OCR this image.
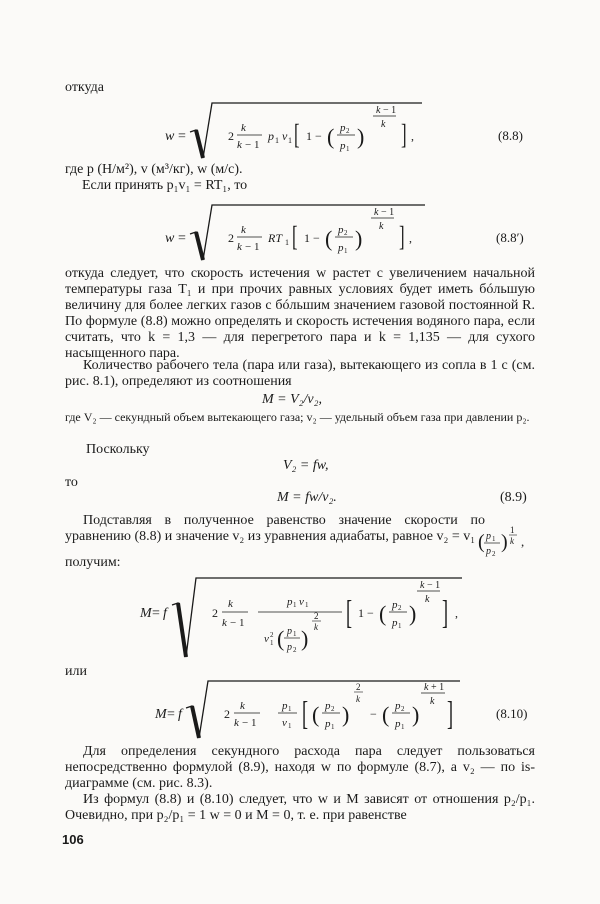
откуда
w =	2
k
k − 1
p 1 v 1 [ 1 − ( p 2
p 1 )
k − 1
k ] ,	(8.8)
где p (Н/м²), v (м³/кг), w (м/с).
Если принять p₁v₁ = RT₁, то
w =	2
k
k − 1
RT 1 [ 1 − ( p 2
p 1 )
k − 1
k ] ,	(8.8′)
откуда следует, что скорость истечения w растет с увеличением начальной температуры газа T₁ и при прочих равных условиях будет иметь бóльшую величину для более легких газов с бóльшим значением газовой постоянной R. По формуле (8.8) можно определять и скорость истечения водяного пара, если считать, что k = 1,3 — для перегретого пара и k = 1,135 — для сухого насыщенного пара.
Количество рабочего тела (пара или газа), вытекающего из сопла в 1 с (см. рис. 8.1), определяют из соотношения
M = V₂/v₂,
где V₂ — секундный объем вытекающего газа; v₂ — удельный объем газа при давлении p₂.
Поскольку
V₂ = fw,
то
M = fw/v₂.	(8.9)
Подставляя в полученное равенство значение скорости по уравнению (8.8) и значение v₂ из уравнения адиабаты, равное v₂ = v₁ ( p 1
p 2
)
1
k ,
получим:
M = f	2
k
k − 1
p 1 v 1
v 2
1 ( p 1
p 2 )
2
k [ 1 − ( p 2
p 1 )
k − 1
k ] ,
или
M = f	2
k
k − 1
p 1
v 1 [ ( p 2
p 1 )
2
k
− ( p 2
p 1 )
k + 1
k ]	(8.10)
Для определения секундного расхода пара следует пользоваться непосредственно формулой (8.9), находя w по формуле (8.7), а v₂ — по is-диаграмме (см. рис. 8.3).
Из формул (8.8) и (8.10) следует, что w и M зависят от отношения p₂/p₁. Очевидно, при p₂/p₁ = 1 w = 0 и M = 0, т. е. при равенстве
106
